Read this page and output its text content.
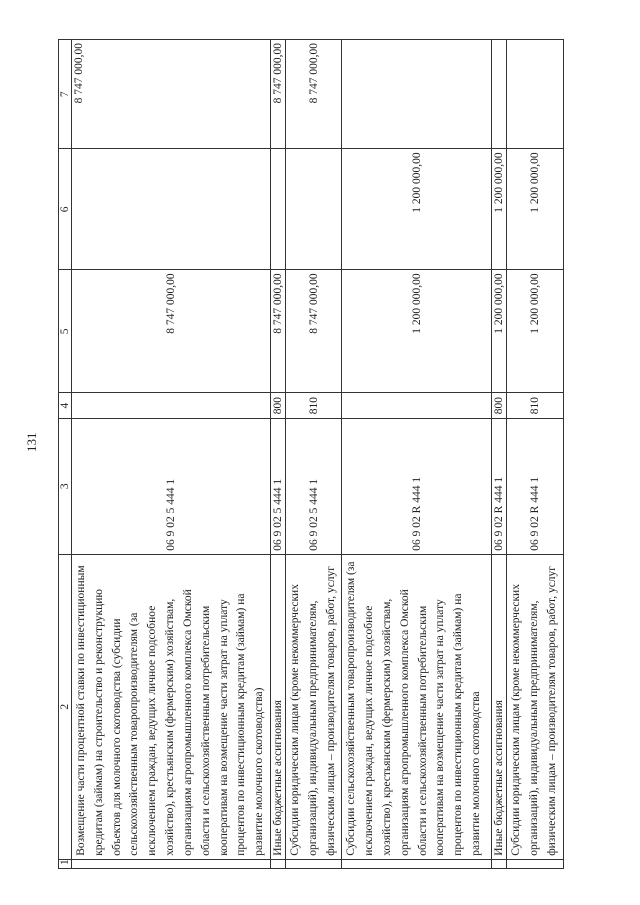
131
1	2	3	4	5	6	7
	Возмещение части процентной ставки по инвестиционным кредитам (займам) на строительство и реконструкцию объектов для молочного скотоводства (субсидии сельскохозяйственным товаропроизводителям (за исключением граждан, ведущих личное подсобное хозяйство), крестьянским (фермерским) хозяйствам, организациям агропромышленного комплекса Омской области и сельскохозяйственным потребительским кооперативам на возмещение части затрат на уплату процентов по инвестиционным кредитам (займам) на развитие молочного скотоводства)	06 9 02 5 444 1		8 747 000,00		8 747 000,00
	Иные бюджетные ассигнования	06 9 02 5 444 1	800	8 747 000,00		8 747 000,00
	Субсидии юридическим лицам (кроме некоммерческих организаций), индивидуальным предпринимателям, физическим лицам – производителям товаров, работ, услуг	06 9 02 5 444 1	810	8 747 000,00		8 747 000,00
	Субсидии сельскохозяйственным товаропроизводителям (за исключением граждан, ведущих личное подсобное хозяйство), крестьянским (фермерским) хозяйствам, организациям агропромышленного комплекса Омской области и сельскохозяйственным потребительским кооперативам на возмещение части затрат на уплату процентов по инвестиционным кредитам (займам) на развитие молочного скотоводства	06 9 02 R 444 1		1 200 000,00	1 200 000,00	
	Иные бюджетные ассигнования	06 9 02 R 444 1	800	1 200 000,00	1 200 000,00	
	Субсидии юридическим лицам (кроме некоммерческих организаций), индивидуальным предпринимателям, физическим лицам – производителям товаров, работ, услуг	06 9 02 R 444 1	810	1 200 000,00	1 200 000,00	
